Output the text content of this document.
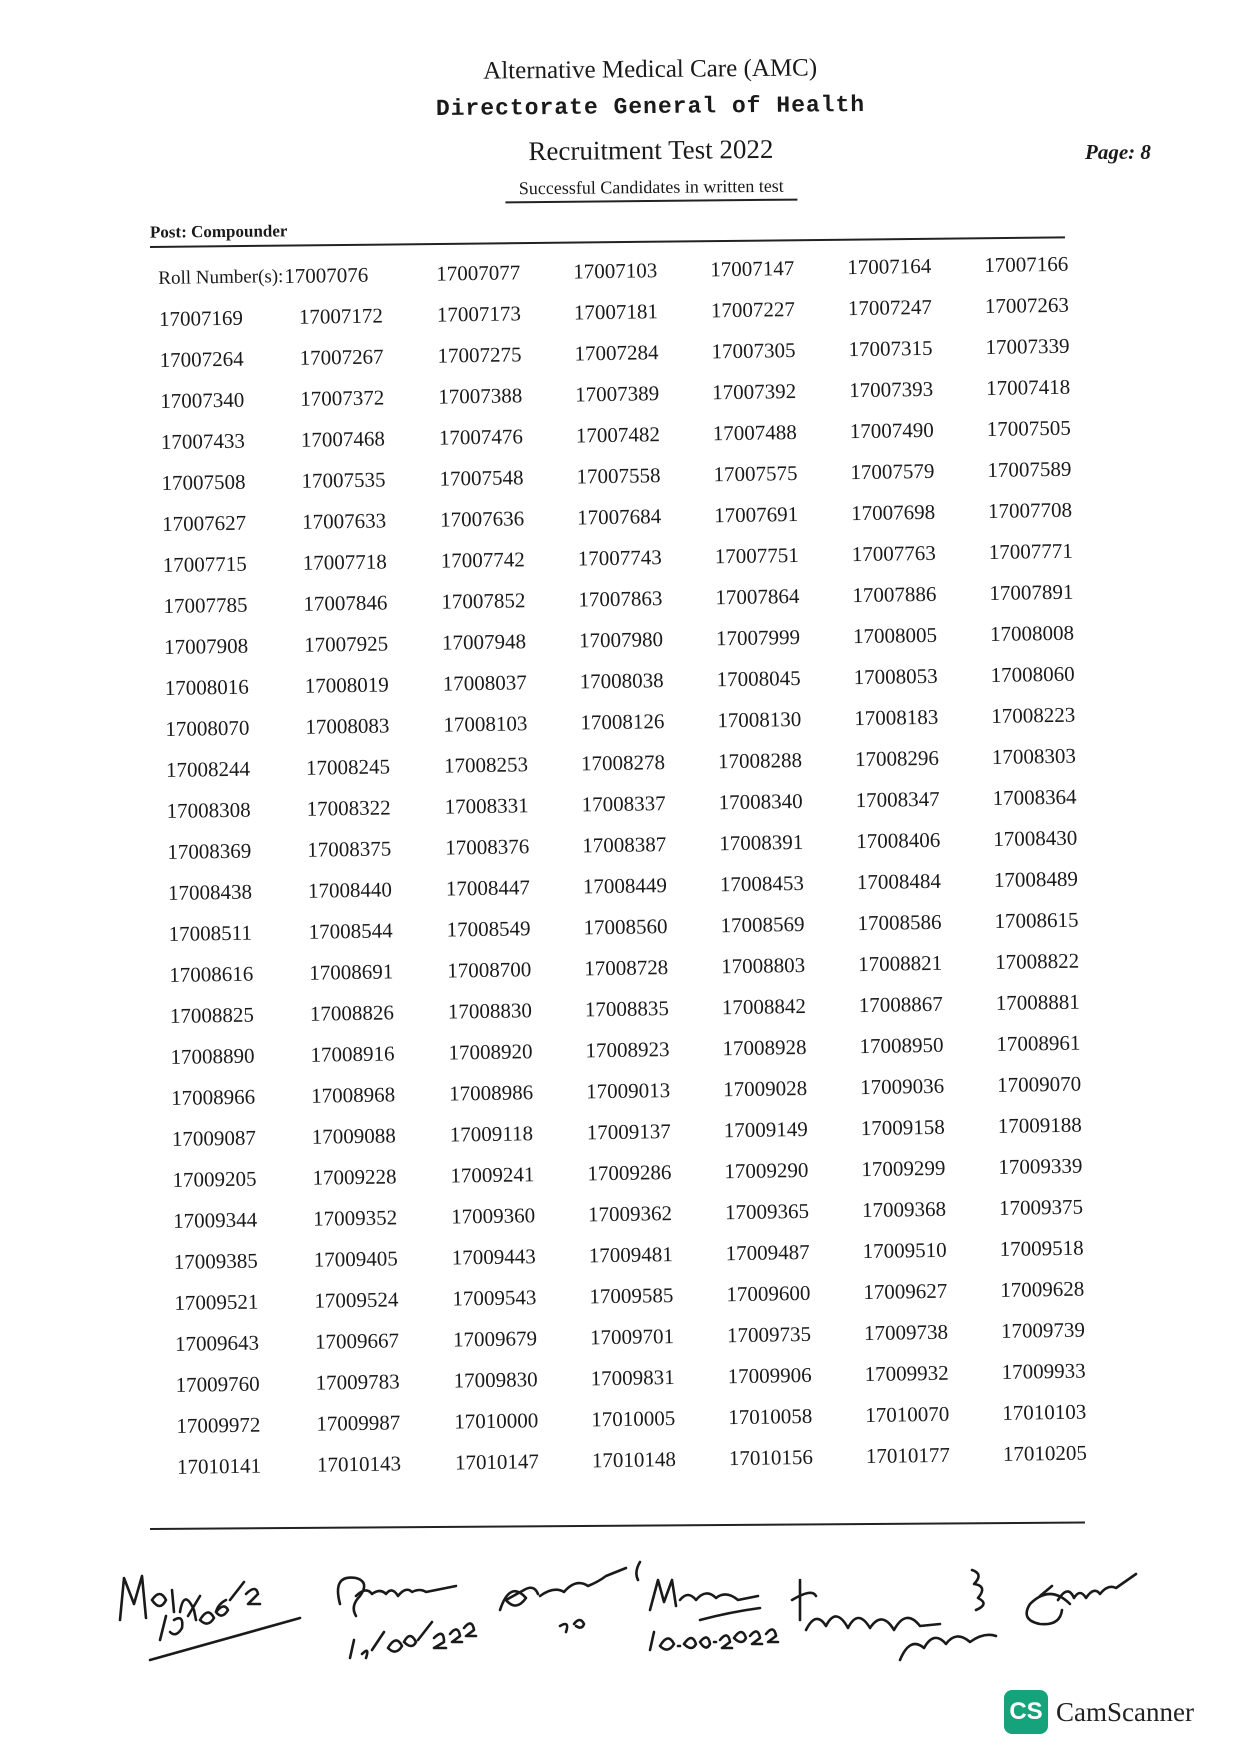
Alternative Medical Care (AMC)
Directorate General of Health
Recruitment Test 2022
Successful Candidates in written test
Page: 8
Post: Compounder
Roll Number(s): 17007076	17007077	17007103	17007147	17007164	17007166
17007169	17007172	17007173	17007181	17007227	17007247	17007263
17007264	17007267	17007275	17007284	17007305	17007315	17007339
17007340	17007372	17007388	17007389	17007392	17007393	17007418
17007433	17007468	17007476	17007482	17007488	17007490	17007505
17007508	17007535	17007548	17007558	17007575	17007579	17007589
17007627	17007633	17007636	17007684	17007691	17007698	17007708
17007715	17007718	17007742	17007743	17007751	17007763	17007771
17007785	17007846	17007852	17007863	17007864	17007886	17007891
17007908	17007925	17007948	17007980	17007999	17008005	17008008
17008016	17008019	17008037	17008038	17008045	17008053	17008060
17008070	17008083	17008103	17008126	17008130	17008183	17008223
17008244	17008245	17008253	17008278	17008288	17008296	17008303
17008308	17008322	17008331	17008337	17008340	17008347	17008364
17008369	17008375	17008376	17008387	17008391	17008406	17008430
17008438	17008440	17008447	17008449	17008453	17008484	17008489
17008511	17008544	17008549	17008560	17008569	17008586	17008615
17008616	17008691	17008700	17008728	17008803	17008821	17008822
17008825	17008826	17008830	17008835	17008842	17008867	17008881
17008890	17008916	17008920	17008923	17008928	17008950	17008961
17008966	17008968	17008986	17009013	17009028	17009036	17009070
17009087	17009088	17009118	17009137	17009149	17009158	17009188
17009205	17009228	17009241	17009286	17009290	17009299	17009339
17009344	17009352	17009360	17009362	17009365	17009368	17009375
17009385	17009405	17009443	17009481	17009487	17009510	17009518
17009521	17009524	17009543	17009585	17009600	17009627	17009628
17009643	17009667	17009679	17009701	17009735	17009738	17009739
17009760	17009783	17009830	17009831	17009906	17009932	17009933
17009972	17009987	17010000	17010005	17010058	17010070	17010103
17010141	17010143	17010147	17010148	17010156	17010177	17010205
CS CamScanner
